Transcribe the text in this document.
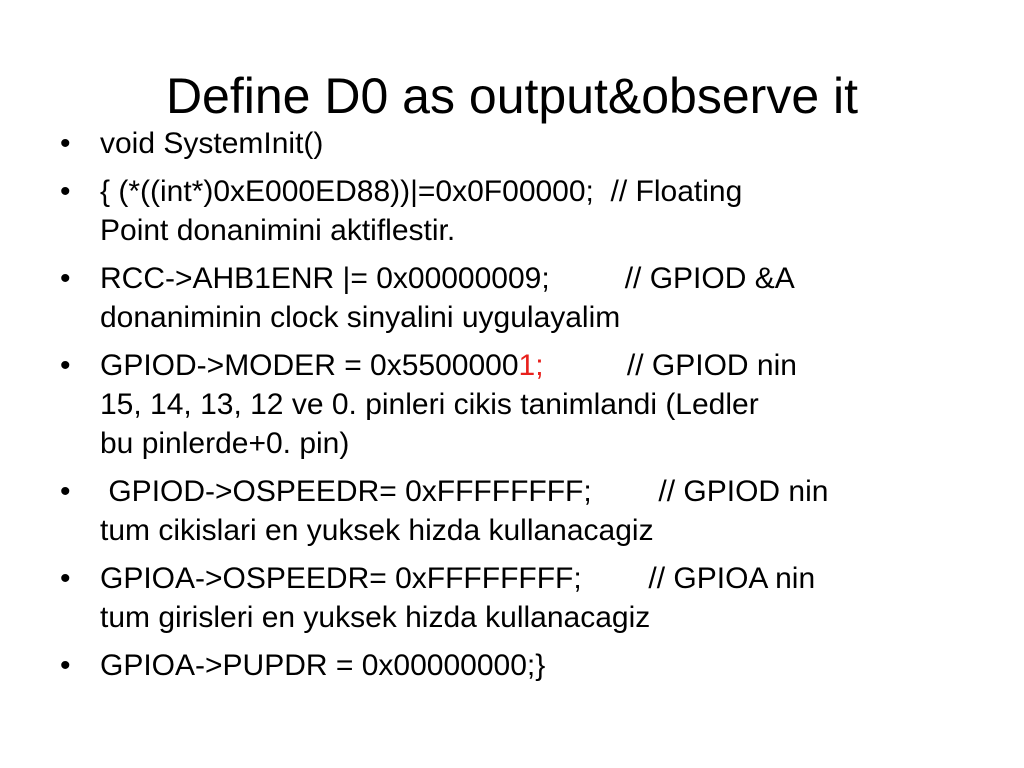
Define D0 as output&observe it
• void SystemInit()
• { (*((int*)0xE000ED88))|=0x0F00000;  // Floating
Point donanimini aktiflestir.
• RCC->AHB1ENR |= 0x00000009;         // GPIOD &A
donaniminin clock sinyalini uygulayalim
• GPIOD->MODER = 0x55000001;          // GPIOD nin
15, 14, 13, 12 ve 0. pinleri cikis tanimlandi (Ledler
bu pinlerde+0. pin)
• GPIOD->OSPEEDR= 0xFFFFFFFF;        // GPIOD nin
tum cikislari en yuksek hizda kullanacagiz
• GPIOA->OSPEEDR= 0xFFFFFFFF;        // GPIOA nin
tum girisleri en yuksek hizda kullanacagiz
• GPIOA->PUPDR = 0x00000000;}
